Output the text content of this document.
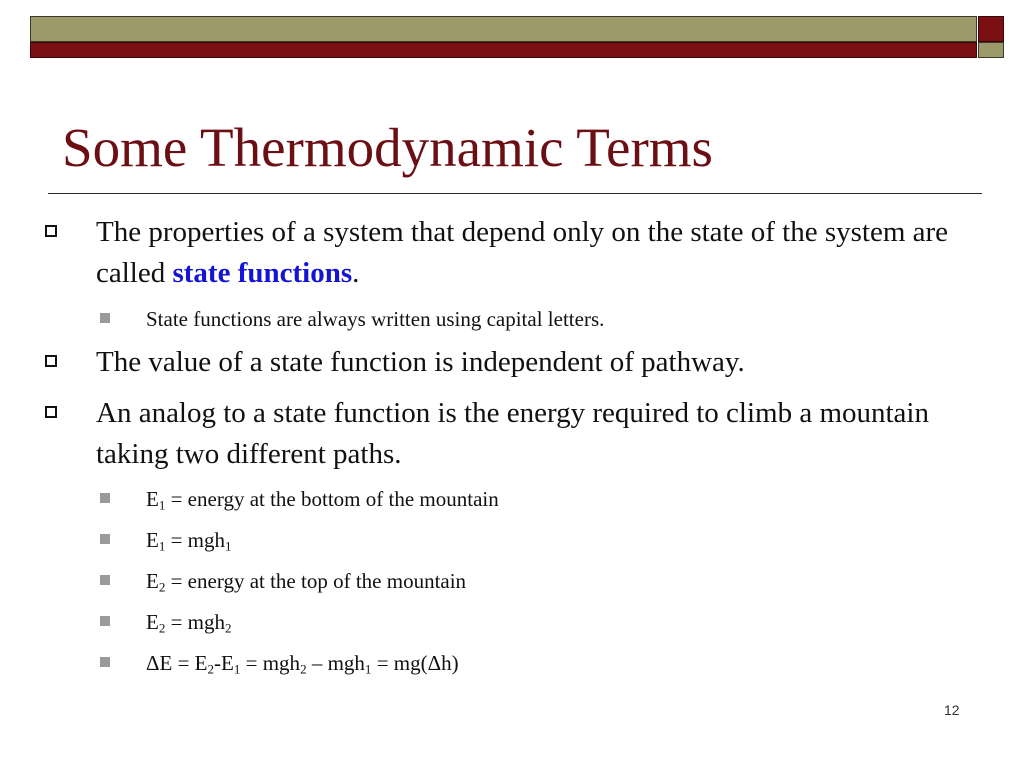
Some Thermodynamic Terms
The properties of a system that depend only on the state of the system are called state functions.
State functions are always written using capital letters.
The value of a state function is independent of pathway.
An analog to a state function is the energy required to climb a mountain taking two different paths.
$E_1$ = energy at the bottom of the mountain
$E_1 = mgh_1$
$E_2$ = energy at the top of the mountain
$E_2 = mgh_2$
$\Delta E = E_2-E_1 = mgh_2 - mgh_1 = mg(\Delta h)$
12
